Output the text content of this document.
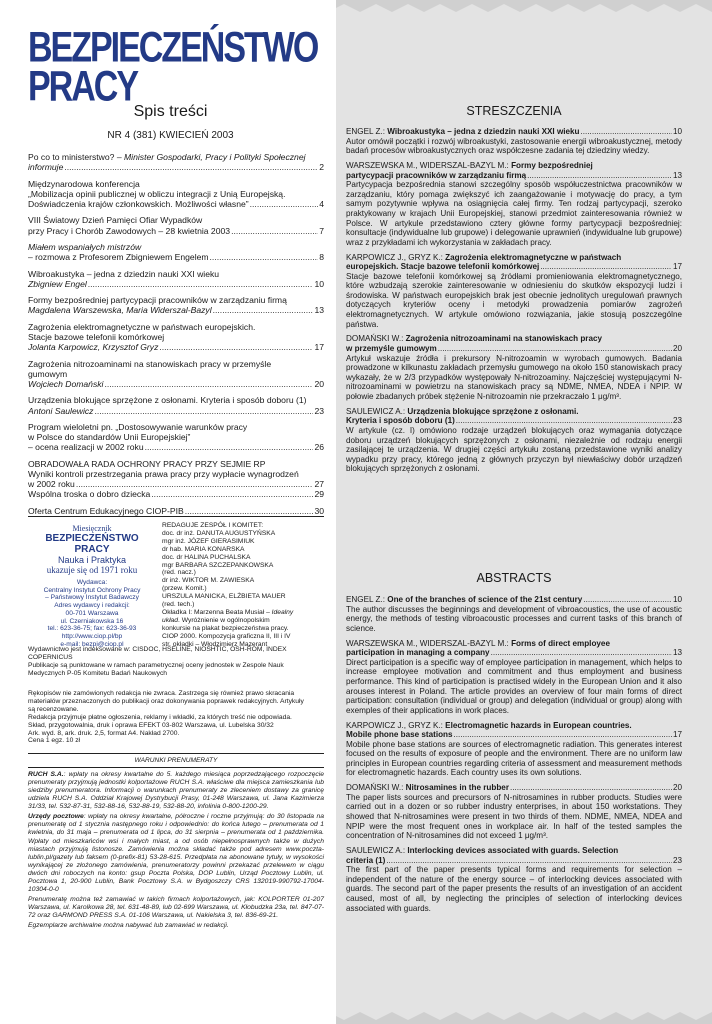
BEZPIECZEŃSTWO
PRACY
Spis treści
NR 4 (381) KWIECIEŃ 2003
Po co to ministerstwo? – Minister Gospodarki, Pracy i Polityki Społecznej
informuje .....	2
Międzynarodowa konferencja
„Mobilizacja opinii publicznej w obliczu integracji z Unią Europejską.
Doświadczenia krajów członkowskich. Możliwości własne” .....	4
VIII Światowy Dzień Pamięci Ofiar Wypadków
przy Pracy i Chorób Zawodowych – 28 kwietnia 2003 .....	7
Miałem wspaniałych mistrzów
– rozmowa z Profesorem Zbigniewem Engelem .....	8
Wibroakustyka – jedna z dziedzin nauki XXI wieku
Zbigniew Engel .....	10
Formy bezpośredniej partycypacji pracowników w zarządzaniu firmą
Magdalena Warszewska, Maria Widerszal-Bazyl .....	13
Zagrożenia elektromagnetyczne w państwach europejskich.
Stacje bazowe telefonii komórkowej
Jolanta Karpowicz, Krzysztof Gryz .....	17
Zagrożenia nitrozoaminami na stanowiskach pracy w przemyśle
gumowym
Wojciech Domański .....	20
Urządzenia blokujące sprzężone z osłonami. Kryteria i sposób doboru (1)
Antoni Saulewicz .....	23
Program wieloletni pn. „Dostosowywanie warunków pracy
w Polsce do standardów Unii Europejskiej”
– ocena realizacji w 2002 roku .....	26
OBRADOWAŁA RADA OCHRONY PRACY PRZY SEJMIE RP
Wyniki kontroli przestrzegania prawa pracy przy wypłacie wynagrodzeń
w 2002 roku .....	27
Wspólna troska o dobro dziecka .....	29
Oferta Centrum Edukacyjnego CIOP-PIB .....	30
Miesięcznik
BEZPIECZEŃSTWO PRACY
Nauka i Praktyka
ukazuje się od 1971 roku
Wydawca:
Centralny Instytut Ochrony Pracy
– Państwowy Instytut Badawczy
Adres wydawcy i redakcji:
00-701 Warszawa
ul. Czerniakowska 16
tel.: 623-36-75; fax: 623-36-93
http://www.ciop.pl/bp
e-mail: bezpi@ciop.pl
REDAGUJE ZESPÓŁ I KOMITET:
doc. dr inż. DANUTA AUGUSTYŃSKA
mgr inż. JÓZEF GIERASIMIUK
dr hab. MARIA KONARSKA
doc. dr HALINA PUCHALSKA
mgr BARBARA SZCZEPANKOWSKA
(red. nacz.)
dr inż. WIKTOR M. ZAWIESKA
(przew. Komit.)
URSZULA MANICKA, ELŻBIETA MAUER
(red. tech.)
Okładka I: Marzenna Beata Musiał – Idealny
układ. Wyróżnienie w ogólnopolskim
konkursie na plakat bezpieczeństwa pracy.
CIOP 2000. Kompozycja graficzna II, III i IV
str. okładki – Włodzimierz Mazerant
Wydawnictwo jest indeksowane w: CISDOC, HSELINE, NIOSHTIC, OSH-ROM, INDEX
COPERNICUS
Publikacje są punktowane w ramach parametrycznej oceny jednostek w Zespole Nauk
Medycznych P-05 Komitetu Badań Naukowych
Rękopisów nie zamówionych redakcja nie zwraca. Zastrzega się również prawo skracania
materiałów przeznaczonych do publikacji oraz dokonywania poprawek redakcyjnych. Artykuły
są recenzowane.
Redakcja przyjmuje płatne ogłoszenia, reklamy i wkładki, za których treść nie odpowiada.
Skład, przygotowalnia, druk i oprawa EFEKT 03-802 Warszawa, ul. Lubelska 30/32
Ark. wyd. 8, ark. druk. 2,5, format A4. Nakład 2700.
Cena 1 egz. 10 zł
WARUNKI PRENUMERATY

RUCH S.A.: wpłaty na okresy kwartalne do 5. każdego miesiąca poprzedzającego rozpoczęcie prenumeraty przyjmują jednostki kolportażowe RUCH S.A. właściwe dla miejsca zamieszkania lub siedziby prenumeratora. Informacji o warunkach prenumeraty ze zleceniem dostawy za granicę udziela RUCH S.A. Oddział Krajowej Dystrybucji Prasy, 01-248 Warszawa, ul. Jana Kazimierza 31/33, tel. 532-87-31, 532-88-16, 532-88-19, 532-88-20, infolinia 0-800-1200-29.

Urzędy pocztowe: wpłaty na okresy kwartalne, półroczne i roczne przyjmują: do 30 listopada na prenumeratę od 1 stycznia następnego roku i odpowiednio: do końca lutego – prenumerata od 1 kwietnia, do 31 maja – prenumerata od 1 lipca, do 31 sierpnia – prenumerata od 1 października. Wpłaty od mieszkańców wsi i małych miast, a od osób niepełnosprawnych także w dużych miastach przyjmują listonosze. Zamówienia można składać także pod adresem www.poczta-lublin.pl/gazety lub faksem (0-prefix-81) 53-28-615. Przedpłata na abonowane tytuły, w wysokości wynikającej ze złożonego zamówienia, prenumeratorzy powinni przekazać przelewem w ciągu dwóch dni roboczych na konto: gsup Poczta Polska, DOP Lublin, Urząd Pocztowy Lublin, ul. Pocztowa 1, 20-900 Lublin, Bank Pocztowy S.A. w Bydgoszczy CRS 132019-990792-17004-10304-0-0

Prenumeratę można też zamawiać w takich firmach kolportażowych, jak: KOLPORTER 01-207 Warszawa, ul. Karolkowa 28, tel. 631-48-89, lub 02-699 Warszawa, ul. Kłobudzka 23a, tel. 847-07-72 oraz GARMOND PRESS S.A. 01-106 Warszawa, ul. Nakielska 3, tel. 836-69-21.

Egzemplarze archiwalne można nabywać lub zamawiać w redakcji.

STRESZCZENIA
ENGEL Z.: Wibroakustyka – jedna z dziedzin nauki XXI wieku .....	10
Autor omówił początki i rozwój wibroakustyki, zastosowanie energii wibroakustycznej, metody badań procesów wibroakustycznych oraz współczesne zadania tej dziedziny wiedzy.
WARSZEWSKA M., WIDERSZAL-BAZYL M.: Formy bezpośredniej
partycypacji pracowników w zarządzaniu firmą .....	13
Partycypacja bezpośrednia stanowi szczególny sposób współuczestnictwa pracowników w zarządzaniu, który pomaga zwiększyć ich zaangażowanie i motywację do pracy, a tym samym pozytywnie wpływa na osiągnięcia całej firmy. Ten rodzaj partycypacji, szeroko praktykowany w krajach Unii Europejskiej, stanowi przedmiot zainteresowania również w Polsce. W artykule przedstawiono cztery główne formy partycypacji bezpośredniej: konsultacje (indywidualne lub grupowe) i delegowanie uprawnień (indywidualne lub grupowe) wraz z przykładami ich wykorzystania w zakładach pracy.
KARPOWICZ J., GRYZ K.: Zagrożenia elektromagnetyczne w państwach
europejskich. Stacje bazowe telefonii komórkowej .....	17
Stacje bazowe telefonii komórkowej są źródłami promieniowania elektromagnetycznego, które wzbudzają szerokie zainteresowanie w odniesieniu do skutków ekspozycji ludzi i środowiska. W państwach europejskich brak jest obecnie jednolitych uregulowań prawnych dotyczących kryteriów oceny i metodyki prowadzenia pomiarów zagrożeń elektromagnetycznych. W artykule omówiono rozwiązania, jakie stosują poszczególne państwa.
DOMAŃSKI W.: Zagrożenia nitrozoaminami na stanowiskach pracy
w przemyśle gumowym .....	20
Artykuł wskazuje źródła i prekursory N-nitrozoamin w wyrobach gumowych. Badania prowadzone w kilkunastu zakładach przemysłu gumowego na około 150 stanowiskach pracy wykazały, że w 2/3 przypadków występowały N-nitrozoaminy. Najczęściej występującymi N-nitrozoaminami w powietrzu na stanowiskach pracy są NDME, NMEA, NDEA i NPIP. W połowie zbadanych próbek stężenie N-nitrozoamin nie przekraczało 1 μg/m³.
SAULEWICZ A.: Urządzenia blokujące sprzężone z osłonami.
Kryteria i sposób doboru (1) .....	23
W artykule (cz. I) omówiono rodzaje urządzeń blokujących oraz wymagania dotyczące doboru urządzeń blokujących sprzężonych z osłonami, niezależnie od rodzaju energii zasilającej te urządzenia. W drugiej części artykułu zostaną przedstawione wyniki analizy wypadku przy pracy, którego jedną z głównych przyczyn był niewłaściwy dobór urządzeń blokujących sprzężonych z osłonami.
ABSTRACTS
ENGEL Z.: One of the branches of science of the 21st century .....	10
The author discusses the beginnings and development of vibroacoustics, the use of acoustic energy, the methods of testing vibroacoustic processes and current tasks of this branch of science.
WARSZEWSKA M., WIDERSZAL-BAZYL M.: Forms of direct employee
participation in managing a company .....	13
Direct participation is a specific way of employee participation in management, which helps to increase employee motivation and commitment and thus employment and business performance. This kind of participation is practised widely in the European Union and it also arouses interest in Poland. The article provides an overview of four main forms of direct participation: consultation (individual or group) and delegation (individual or group) along with exemples of their applications in work places.
KARPOWICZ J., GRYZ K.: Electromagnetic hazards in European countries.
Mobile phone base stations .....	17
Mobile phone base stations are sources of electromagnetic radiation. This generates interest focused on the results of exposure of people and the environment. There are no uniform law principles in European countries regarding criteria of assessment and measurement methods for electromagnetic hazards. Each country uses its own solutions.
DOMAŃSKI W.: Nitrosamines in the rubber .....	20
The paper lists sources and precursors of N-nitrosamines in rubber products. Studies were carried out in a dozen or so rubber industry enterprises, in about 150 workstations. They showed that N-nitrosamines were present in two thirds of them. NDME, NMEA, NDEA and NPIP were the most frequent ones in workplace air. In half of the tested samples the concentration of N-nitrosamines did not exceed 1 μg/m³.
SAULEWICZ A.: Interlocking devices associated with guards. Selection
criteria (1) .....	23
The first part of the paper presents typical forms and requirements for selection – independent of the nature of the energy source – of interlocking devices associated with guards. The second part of the paper presents the results of an investigation of an accident caused, most of all, by neglecting the principles of selection of interlocking devices associated with guards.
